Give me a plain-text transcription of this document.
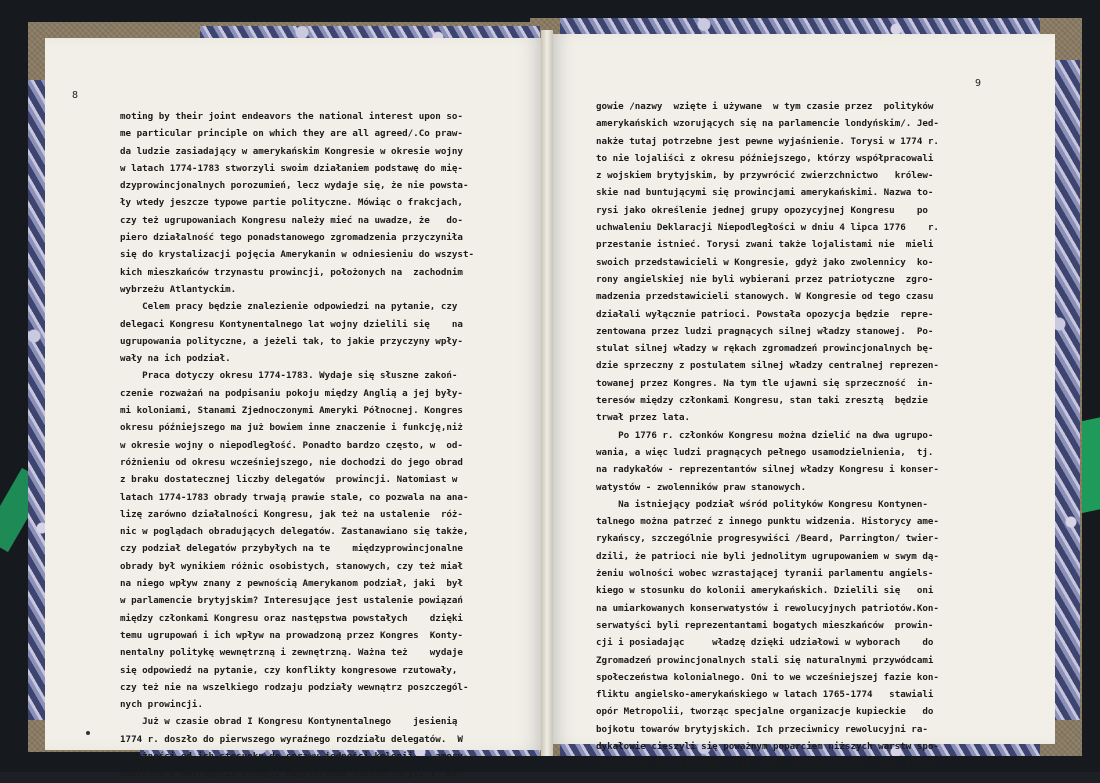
8
9
moting by their joint endeavors the national interest upon so-
me particular principle on which they are all agreed/.Co praw-
da ludzie zasiadający w amerykańskim Kongresie w okresie wojny
w latach 1774-1783 stworzyli swoim działaniem podstawę do mię-
dzyprowincjonalnych porozumień, lecz wydaje się, że nie powsta-
ły wtedy jeszcze typowe partie polityczne. Mówiąc o frakcjach,
czy też ugrupowaniach Kongresu należy mieć na uwadze, że   do-
piero działalność tego ponadstanowego zgromadzenia przyczyniła
się do krystalizacji pojęcia Amerykanin w odniesieniu do wszyst-
kich mieszkańców trzynastu prowincji, położonych na  zachodnim
wybrzeżu Atlantyckim.
Celem pracy będzie znalezienie odpowiedzi na pytanie, czy
delegaci Kongresu Kontynentalnego lat wojny dzielili się    na
ugrupowania polityczne, a jeżeli tak, to jakie przyczyny wpły-
wały na ich podział.
Praca dotyczy okresu 1774-1783. Wydaje się słuszne zakoń-
czenie rozważań na podpisaniu pokoju między Anglią a jej były-
mi koloniami, Stanami Zjednoczonymi Ameryki Północnej. Kongres
okresu późniejszego ma już bowiem inne znaczenie i funkcję,niż
w okresie wojny o niepodległość. Ponadto bardzo często, w  od-
różnieniu od okresu wcześniejszego, nie dochodzi do jego obrad
z braku dostatecznej liczby delegatów  prowincji. Natomiast w
latach 1774-1783 obrady trwają prawie stale, co pozwala na ana-
lizę zarówno działalności Kongresu, jak też na ustalenie  róż-
nic w poglądach obradujących delegatów. Zastanawiano się także,
czy podział delegatów przybyłych na te    międzyprowincjonalne
obrady był wynikiem różnic osobistych, stanowych, czy też miał
na niego wpływ znany z pewnością Amerykanom podział, jaki  był
w parlamencie brytyjskim? Interesujące jest ustalenie powiązań
między członkami Kongresu oraz następstwa powstałych    dzięki
temu ugrupowań i ich wpływ na prowadzoną przez Kongres  Konty-
nentalny politykę wewnętrzną i zewnętrzną. Ważna też    wydaje
się odpowiedź na pytanie, czy konflikty kongresowe rzutowały,
czy też nie na wszelkiego rodzaju podziały wewnątrz poszczegól-
nych prowincji.
Już w czasie obrad I Kongresu Kontynentalnego    jesienią
1774 r. doszło do pierwszego wyraźnego rozdziału delegatów.  W
zależności od ich stosunku do sprawy jedności kolonii    amery-
kańskich i Metropolii stanęli naprzeciwko siebie torysi i  wi-
gowie /nazwy  wzięte i używane  w tym czasie przez  polityków
amerykańskich wzorujących się na parlamencie londyńskim/. Jed-
nakże tutaj potrzebne jest pewne wyjaśnienie. Torysi w 1774 r.
to nie lojaliści z okresu późniejszego, którzy współpracowali
z wojskiem brytyjskim, by przywrócić zwierzchnictwo   królew-
skie nad buntującymi się prowincjami amerykańskimi. Nazwa to-
rysi jako określenie jednej grupy opozycyjnej Kongresu    po
uchwaleniu Deklaracji Niepodległości w dniu 4 lipca 1776    r.
przestanie istnieć. Torysi zwani także lojalistami nie  mieli
swoich przedstawicieli w Kongresie, gdyż jako zwolennicy  ko-
rony angielskiej nie byli wybierani przez patriotyczne  zgro-
madzenia przedstawicieli stanowych. W Kongresie od tego czasu
działali wyłącznie patrioci. Powstała opozycja będzie  repre-
zentowana przez ludzi pragnących silnej władzy stanowej.  Po-
stulat silnej władzy w rękach zgromadzeń prowincjonalnych bę-
dzie sprzeczny z postulatem silnej władzy centralnej reprezen-
towanej przez Kongres. Na tym tle ujawni się sprzeczność  in-
teresów między członkami Kongresu, stan taki zresztą  będzie
trwał przez lata.
Po 1776 r. członków Kongresu można dzielić na dwa ugrupo-
wania, a więc ludzi pragnących pełnego usamodzielnienia,  tj.
na radykałów - reprezentantów silnej władzy Kongresu i konser-
watystów - zwolenników praw stanowych.
Na istniejący podział wśród polityków Kongresu Kontynen-
talnego można patrzeć z innego punktu widzenia. Historycy ame-
rykańscy, szczególnie progresywiści /Beard, Parrington/ twier-
dzili, że patrioci nie byli jednolitym ugrupowaniem w swym dą-
żeniu wolności wobec wzrastającej tyranii parlamentu angiels-
kiego w stosunku do kolonii amerykańskich. Dzielili się   oni
na umiarkowanych konserwatystów i rewolucyjnych patriotów.Kon-
serwatyści byli reprezentantami bogatych mieszkańców  prowin-
cji i posiadając     władzę dzięki udziałowi w wyborach    do
Zgromadzeń prowincjonalnych stali się naturalnymi przywódcami
społeczeństwa kolonialnego. Oni to we wcześniejszej fazie kon-
fliktu angielsko-amerykańskiego w latach 1765-1774   stawiali
opór Metropolii, tworząc specjalne organizacje kupieckie   do
bojkotu towarów brytyjskich. Ich przeciwnicy rewolucyjni ra-
dykałowie cieszyli się poważnym poparciem niższych warstw spo-
łeczeństwa kolonialnego. Nie mieli jednak żadnego  lub  tylko
